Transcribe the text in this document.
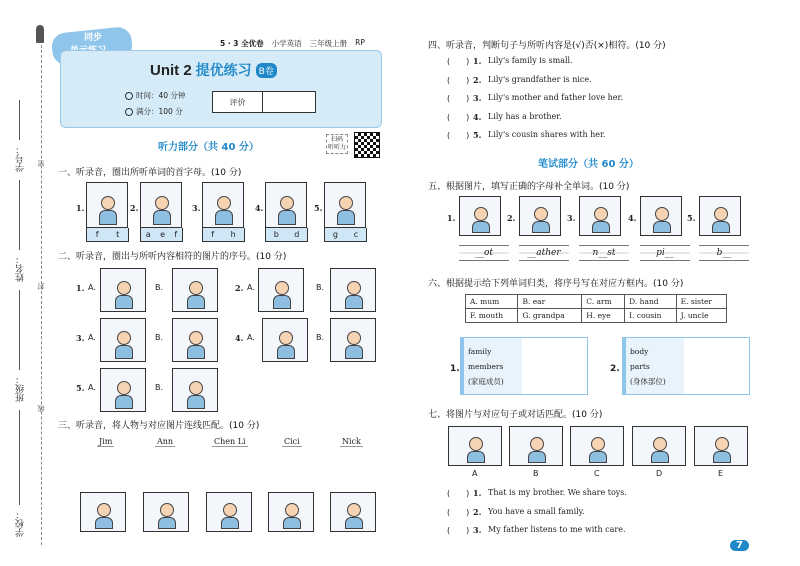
学号：
姓名：
班级：
学校：
密
封
线
同步
5 · 3 全优卷 小学英语 三年级上册 RP
Unit 2 提优练习 B卷
时间：40 分钟
满分：100 分
评价
听力部分（共 40 分）
扫码
听听力
一、听录音，圈出所听单词的首字母。(10 分)
1.
f t
2.
a e f
3.
f h
4.
b d
5.
g c
二、听录音，圈出与所听内容相符的图片的序号。(10 分)
1. A.	B.	2. A.	B.
3. A.	B.	4. A.	B.
5. A.	B.
三、听录音，将人物与对应图片连线匹配。(10 分)
Jim	Ann	Chen Li	Cici	Nick
四、听录音，判断句子与所听内容是(√)否(×)相符。(10 分)
(　　) 1. Lily's family is small.
(　　) 2. Lily's grandfather is nice.
(　　) 3. Lily's mother and father love her.
(　　) 4. Lily has a brother.
(　　) 5. Lily's cousin shares with her.
笔试部分（共 60 分）
五、根据图片，填写正确的字母补全单词。(10 分)
1.
__ot
2.
__ather
3.
n__st
4.
pi__
5.
b__
六、根据提示给下列单词归类，将序号写在对应方框内。(10 分)
A. mum	B. ear	C. arm	D. hand	E. sister
F. mouth	G. grandpa	H. eye	I. cousin	J. uncle
1.
family
members
(家庭成员)
2.
body
parts
(身体部位)
七、将图片与对应句子或对话匹配。(10 分)
A	B	C	D	E
(　　) 1. That is my brother. We share toys.
(　　) 2. You have a small family.
(　　) 3. My father listens to me with care.
7
